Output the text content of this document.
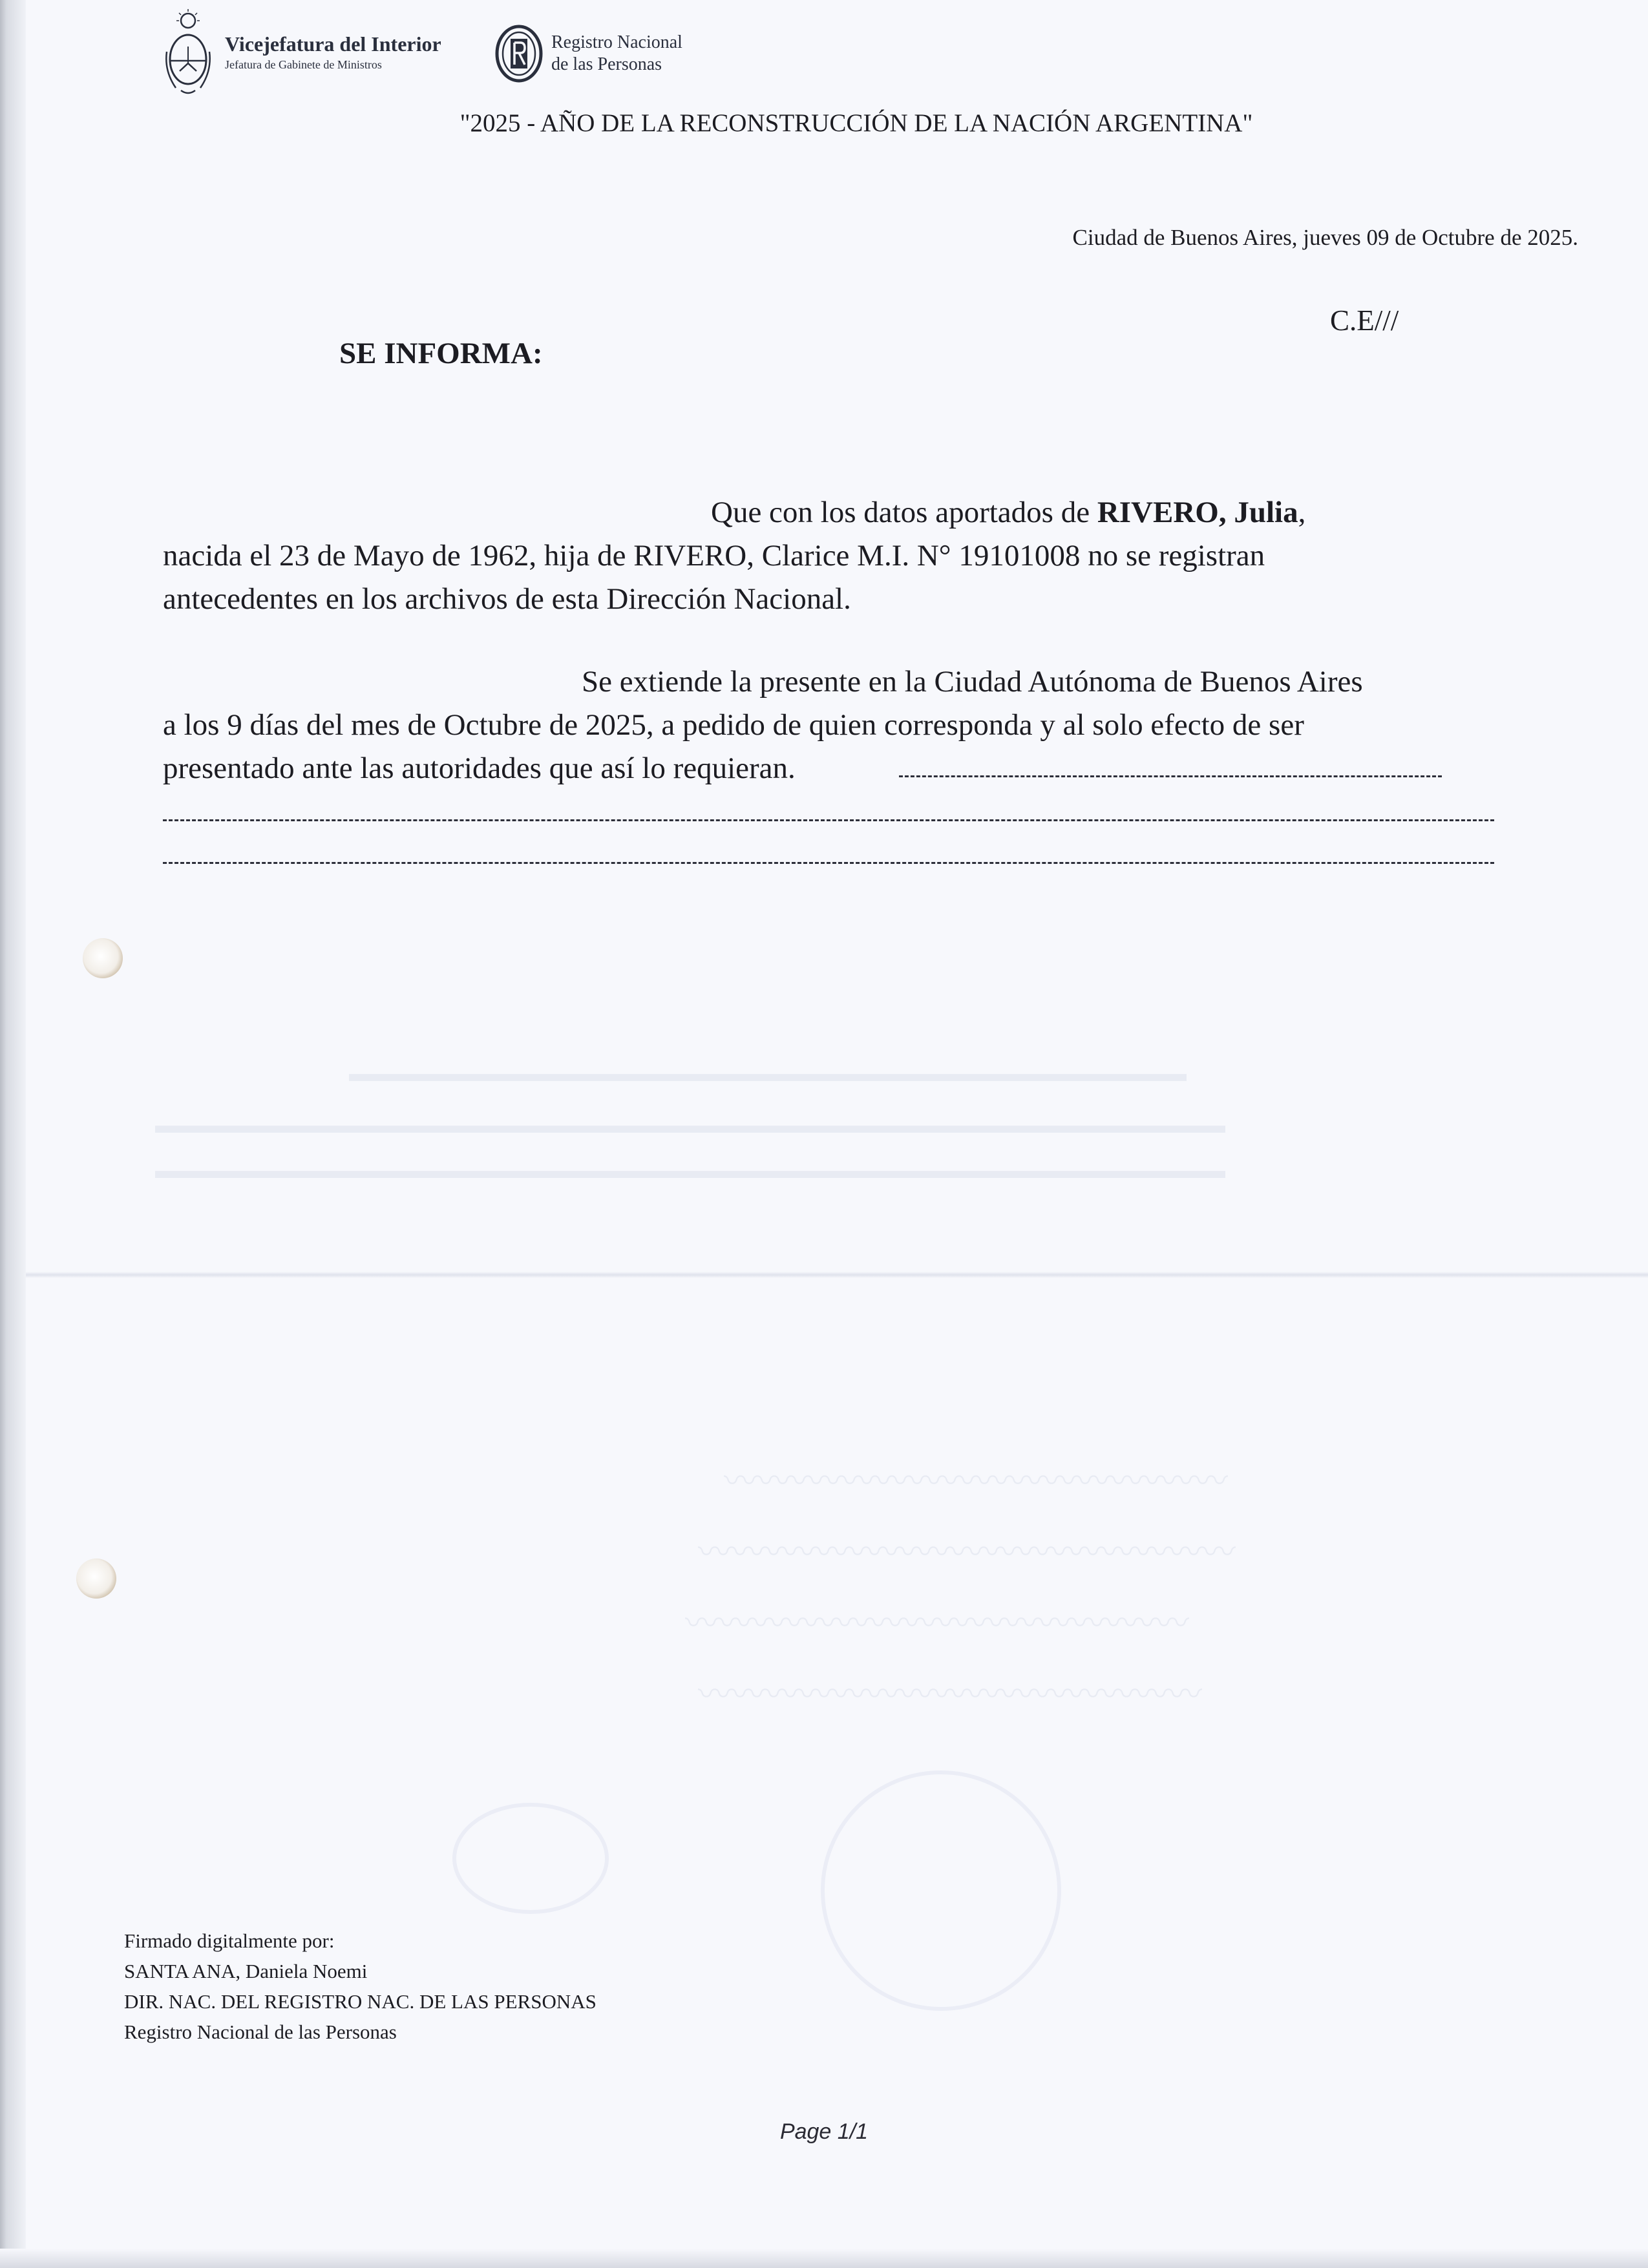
▬▬▬▬▬▬▬▬▬▬▬▬▬▬▬▬▬▬▬▬▬▬▬▬▬▬▬▬▬▬▬▬▬▬▬▬
▬▬▬▬▬▬▬▬▬▬▬▬▬▬▬▬▬▬▬▬▬▬▬▬▬▬▬▬▬▬▬▬▬▬▬▬▬▬▬▬▬▬▬▬▬▬
▬▬▬▬▬▬▬▬▬▬▬▬▬▬▬▬▬▬▬▬▬▬▬▬▬▬▬▬▬▬▬▬▬▬▬▬▬▬▬▬▬▬▬▬▬▬
〰〰〰〰〰〰〰〰〰〰〰〰〰〰〰
〰〰〰〰〰〰〰〰〰〰〰〰〰〰〰〰
〰〰〰〰〰〰〰〰〰〰〰〰〰〰〰
〰〰〰〰〰〰〰〰〰〰〰〰〰〰〰
Vicejefatura del Interior
Jefatura de Gabinete de Ministros
Registro Nacional
de las Personas
"2025 - AÑO DE LA RECONSTRUCCIÓN DE LA NACIÓN ARGENTINA"
Ciudad de Buenos Aires, jueves 09 de Octubre de 2025.
C.E///
SE INFORMA:

Que con los datos aportados de RIVERO, Julia,
nacida el 23 de Mayo de 1962, hija de RIVERO, Clarice M.I. N° 19101008 no se registran
antecedentes en los archivos de esta Dirección Nacional.

Se extiende la presente en la Ciudad Autónoma de Buenos Aires
a los 9 días del mes de Octubre de 2025, a pedido de quien corresponda y al solo efecto de ser
presentado ante las autoridades que así lo requieran.

Firmado digitalmente por:
SANTA ANA, Daniela Noemi
DIR. NAC. DEL REGISTRO NAC. DE LAS PERSONAS
Registro Nacional de las Personas
Page 1/1
